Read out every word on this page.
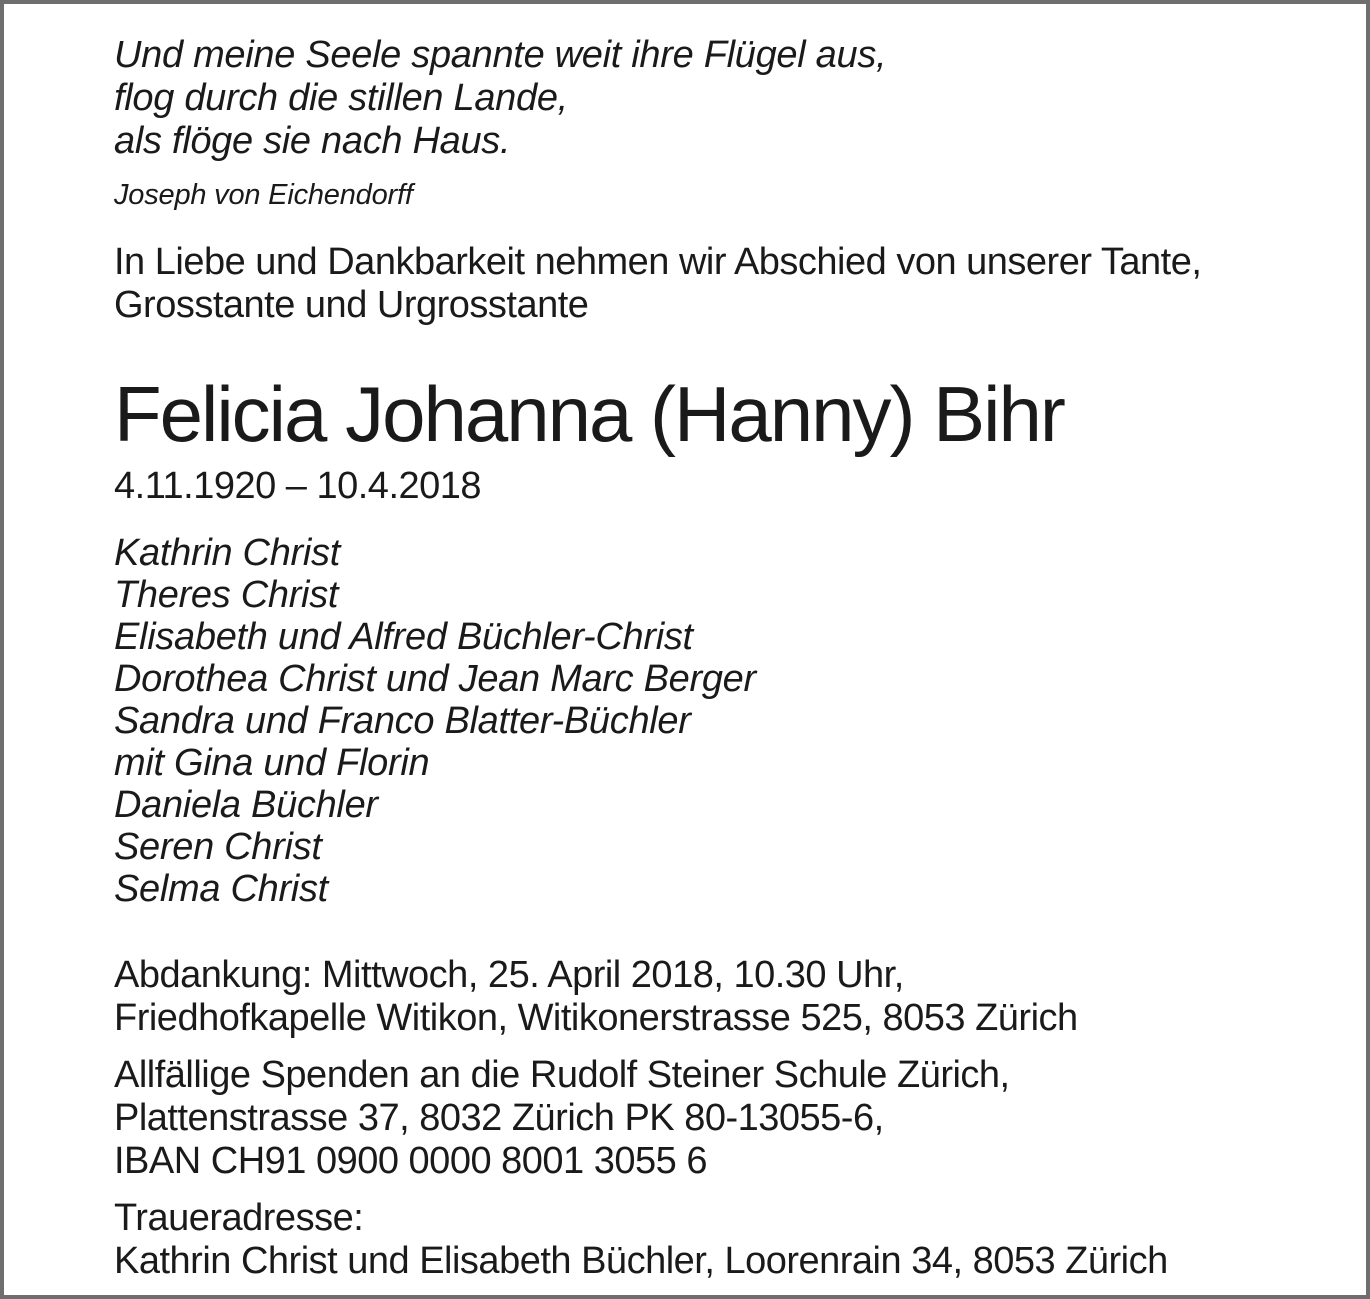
Und meine Seele spannte weit ihre Flügel aus,
flog durch die stillen Lande,
als flöge sie nach Haus.
Joseph von Eichendorff
In Liebe und Dankbarkeit nehmen wir Abschied von unserer Tante,
Grosstante und Urgrosstante
Felicia Johanna (Hanny) Bihr
4.11.1920 – 10.4.2018
Kathrin Christ
Theres Christ
Elisabeth und Alfred Büchler-Christ
Dorothea Christ und Jean Marc Berger
Sandra und Franco Blatter-Büchler
mit Gina und Florin
Daniela Büchler
Seren Christ
Selma Christ
Abdankung: Mittwoch, 25. April 2018, 10.30 Uhr,
Friedhofkapelle Witikon, Witikonerstrasse 525, 8053 Zürich
Allfällige Spenden an die Rudolf Steiner Schule Zürich,
Plattenstrasse 37, 8032 Zürich PK 80-13055-6,
IBAN CH91 0900 0000 8001 3055 6
Traueradresse:
Kathrin Christ und Elisabeth Büchler, Loorenrain 34, 8053 Zürich
